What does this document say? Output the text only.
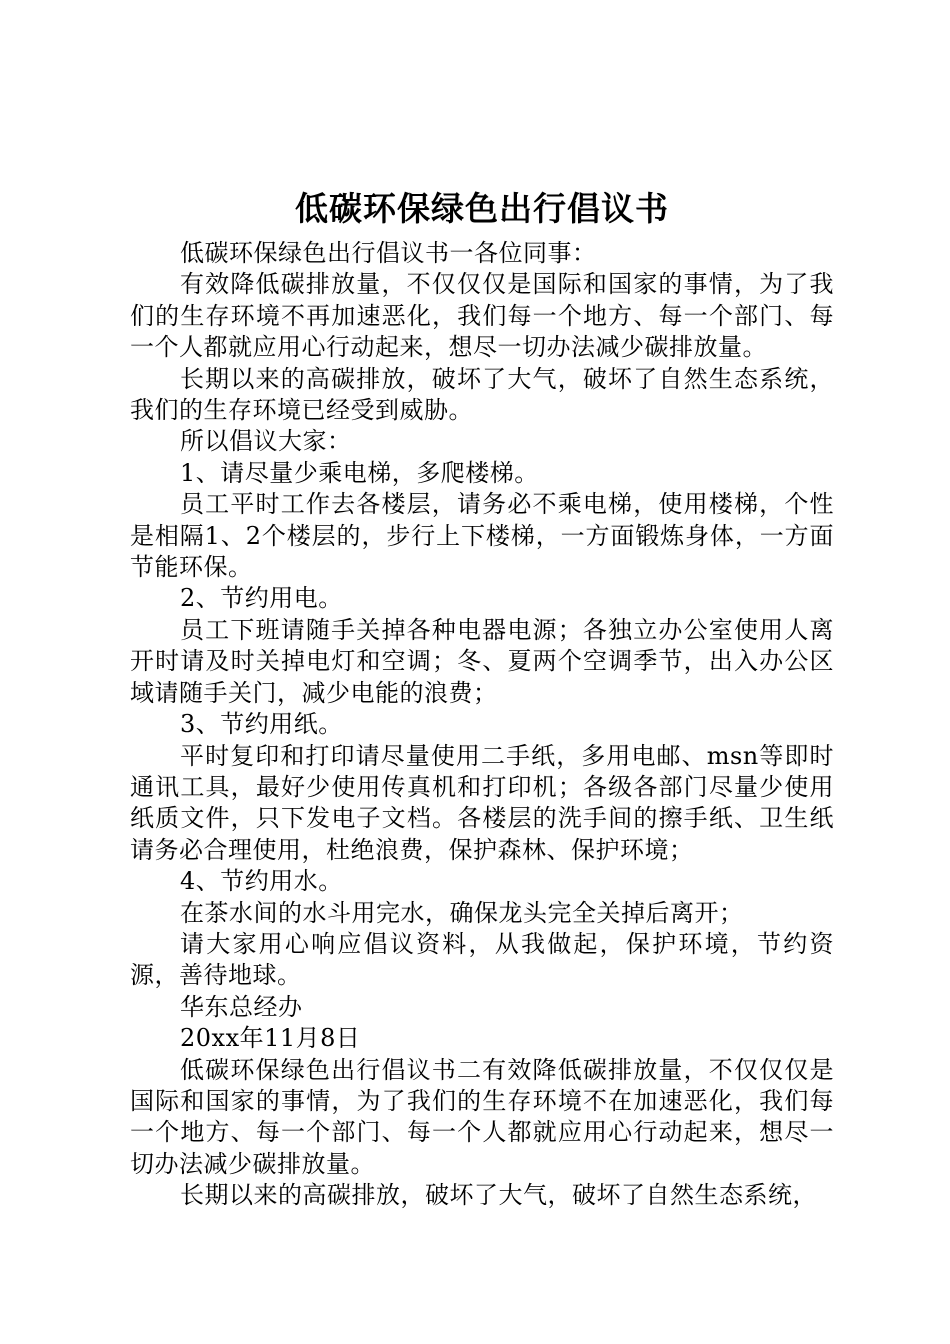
低碳环保绿色出行倡议书

低碳环保绿色出行倡议书一各位同事：

有效降低碳排放量，不仅仅仅是国际和国家的事情，为了我们的生存环境不再加速恶化，我们每一个地方、每一个部门、每一个人都就应用心行动起来，想尽一切办法减少碳排放量。

长期以来的高碳排放，破坏了大气，破坏了自然生态系统，我们的生存环境已经受到威胁。

所以倡议大家：

1、请尽量少乘电梯，多爬楼梯。

员工平时工作去各楼层，请务必不乘电梯，使用楼梯，个性是相隔1、2个楼层的，步行上下楼梯，一方面锻炼身体，一方面节能环保。

2、节约用电。

员工下班请随手关掉各种电器电源；各独立办公室使用人离开时请及时关掉电灯和空调；冬、夏两个空调季节，出入办公区域请随手关门，减少电能的浪费；

3、节约用纸。

平时复印和打印请尽量使用二手纸，多用电邮、msn等即时通讯工具，最好少使用传真机和打印机；各级各部门尽量少使用纸质文件，只下发电子文档。各楼层的洗手间的擦手纸、卫生纸请务必合理使用，杜绝浪费，保护森林、保护环境；

4、节约用水。

在茶水间的水斗用完水，确保龙头完全关掉后离开；

请大家用心响应倡议资料，从我做起，保护环境，节约资源，善待地球。

华东总经办

20xx年11月8日

低碳环保绿色出行倡议书二有效降低碳排放量，不仅仅仅是国际和国家的事情，为了我们的生存环境不在加速恶化，我们每一个地方、每一个部门、每一个人都就应用心行动起来，想尽一切办法减少碳排放量。

长期以来的高碳排放，破坏了大气，破坏了自然生态系统，
